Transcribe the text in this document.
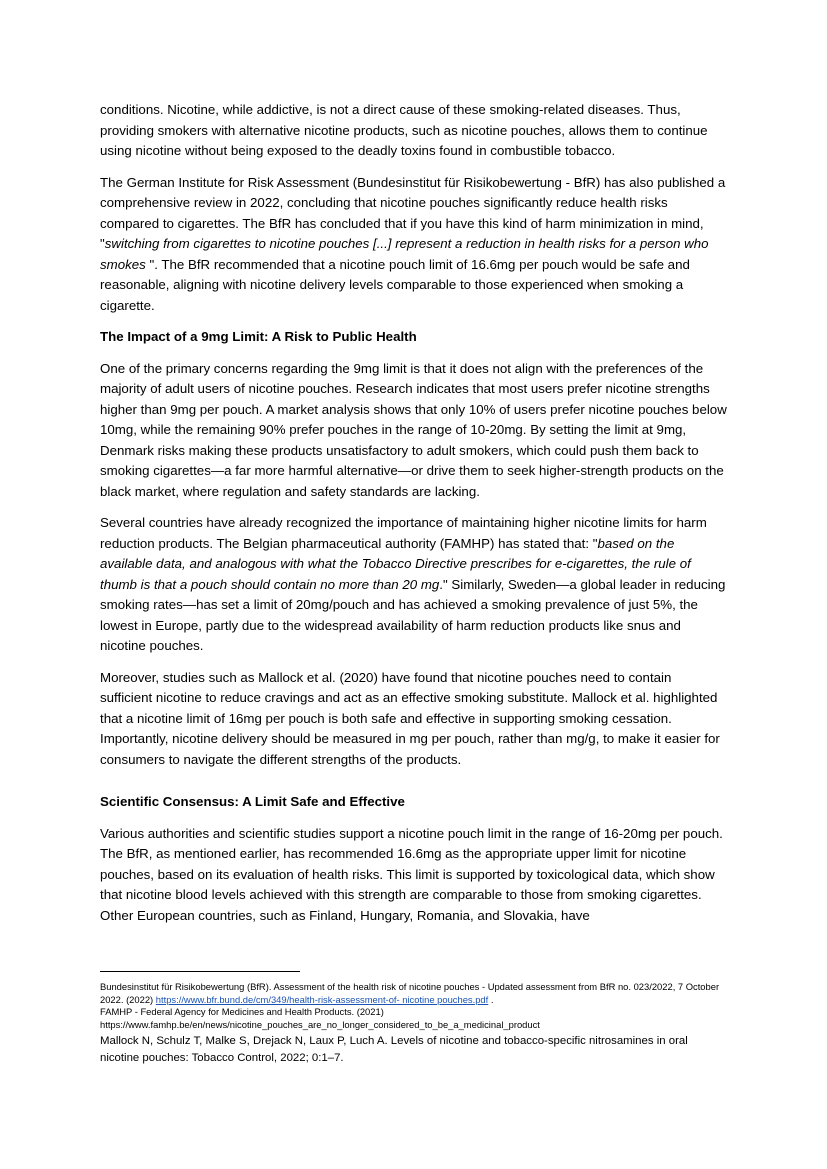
conditions. Nicotine, while addictive, is not a direct cause of these smoking-related diseases. Thus, providing smokers with alternative nicotine products, such as nicotine pouches, allows them to continue using nicotine without being exposed to the deadly toxins found in combustible tobacco.

The German Institute for Risk Assessment (Bundesinstitut für Risikobewertung - BfR) has also published a comprehensive review in 2022, concluding that nicotine pouches significantly reduce health risks compared to cigarettes. The BfR has concluded that if you have this kind of harm minimization in mind, "switching from cigarettes to nicotine pouches [...] represent a reduction in health risks for a person who smokes ". The BfR recommended that a nicotine pouch limit of 16.6mg per pouch would be safe and reasonable, aligning with nicotine delivery levels comparable to those experienced when smoking a cigarette.

The Impact of a 9mg Limit: A Risk to Public Health

One of the primary concerns regarding the 9mg limit is that it does not align with the preferences of the majority of adult users of nicotine pouches. Research indicates that most users prefer nicotine strengths higher than 9mg per pouch. A market analysis shows that only 10% of users prefer nicotine pouches below 10mg, while the remaining 90% prefer pouches in the range of 10-20mg. By setting the limit at 9mg, Denmark risks making these products unsatisfactory to adult smokers, which could push them back to smoking cigarettes—a far more harmful alternative—or drive them to seek higher-strength products on the black market, where regulation and safety standards are lacking.

Several countries have already recognized the importance of maintaining higher nicotine limits for harm reduction products. The Belgian pharmaceutical authority (FAMHP) has stated that: "based on the available data, and analogous with what the Tobacco Directive prescribes for e-cigarettes, the rule of thumb is that a pouch should contain no more than 20 mg." Similarly, Sweden—a global leader in reducing smoking rates—has set a limit of 20mg/pouch and has achieved a smoking prevalence of just 5%, the lowest in Europe, partly due to the widespread availability of harm reduction products like snus and nicotine pouches.

Moreover, studies such as Mallock et al. (2020) have found that nicotine pouches need to contain sufficient nicotine to reduce cravings and act as an effective smoking substitute. Mallock et al. highlighted that a nicotine limit of 16mg per pouch is both safe and effective in supporting smoking cessation. Importantly, nicotine delivery should be measured in mg per pouch, rather than mg/g, to make it easier for consumers to navigate the different strengths of the products.

Scientific Consensus: A Limit Safe and Effective

Various authorities and scientific studies support a nicotine pouch limit in the range of 16-20mg per pouch. The BfR, as mentioned earlier, has recommended 16.6mg as the appropriate upper limit for nicotine pouches, based on its evaluation of health risks. This limit is supported by toxicological data, which show that nicotine blood levels achieved with this strength are comparable to those from smoking cigarettes. Other European countries, such as Finland, Hungary, Romania, and Slovakia, have

Bundesinstitut für Risikobewertung (BfR). Assessment of the health risk of nicotine pouches - Updated assessment from BfR no. 023/2022, 7 October 2022. (2022) https://www.bfr.bund.de/cm/349/health-risk-assessment-of- nicotine pouches.pdf .

FAMHP - Federal Agency for Medicines and Health Products. (2021)

https://www.famhp.be/en/news/nicotine_pouches_are_no_longer_considered_to_be_a_medicinal_product

Mallock N, Schulz T, Malke S, Drejack N, Laux P, Luch A. Levels of nicotine and tobacco-specific nitrosamines in oral nicotine pouches: Tobacco Control, 2022; 0:1–7.
